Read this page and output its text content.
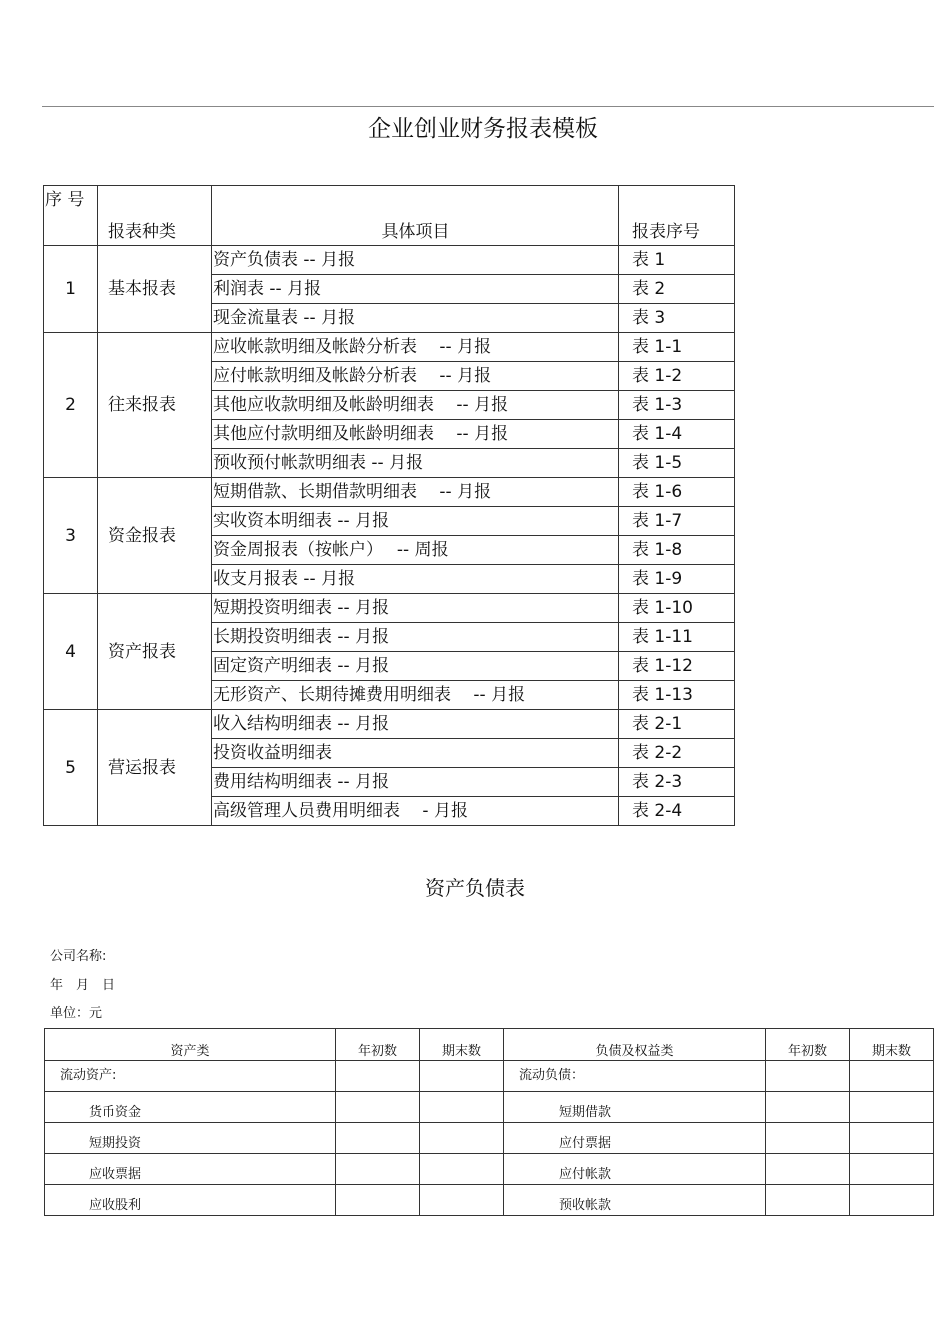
企业创业财务报表模板
序 号	报表种类	具体项目	报表序号
1	基本报表	资产负债表 -- 月报	表 1
		利润表 -- 月报	表 2
		现金流量表 -- 月报	表 3
2	往来报表	应收帐款明细及帐龄分析表　 -- 月报	表 1-1
		应付帐款明细及帐龄分析表　 -- 月报	表 1-2
		其他应收款明细及帐龄明细表　 -- 月报	表 1-3
		其他应付款明细及帐龄明细表　 -- 月报	表 1-4
		预收预付帐款明细表 -- 月报	表 1-5
3	资金报表	短期借款、长期借款明细表　 -- 月报	表 1-6
		实收资本明细表 -- 月报	表 1-7
		资金周报表（按帐户）　 -- 周报	表 1-8
		收支月报表 -- 月报	表 1-9
4	资产报表	短期投资明细表 -- 月报	表 1-10
		长期投资明细表 -- 月报	表 1-11
		固定资产明细表 -- 月报	表 1-12
		无形资产、长期待摊费用明细表　 -- 月报	表 1-13
5	营运报表	收入结构明细表 -- 月报	表 2-1
		投资收益明细表	表 2-2
		费用结构明细表 -- 月报	表 2-3
		高级管理人员费用明细表　 - 月报	表 2-4
资产负债表
公司名称:
年　月　日
单位：元
资产类	年初数	期末数	负债及权益类	年初数	期末数
流动资产:			流动负债：		
货币资金			短期借款		
短期投资			应付票据		
应收票据			应付帐款		
应收股利			预收帐款		
